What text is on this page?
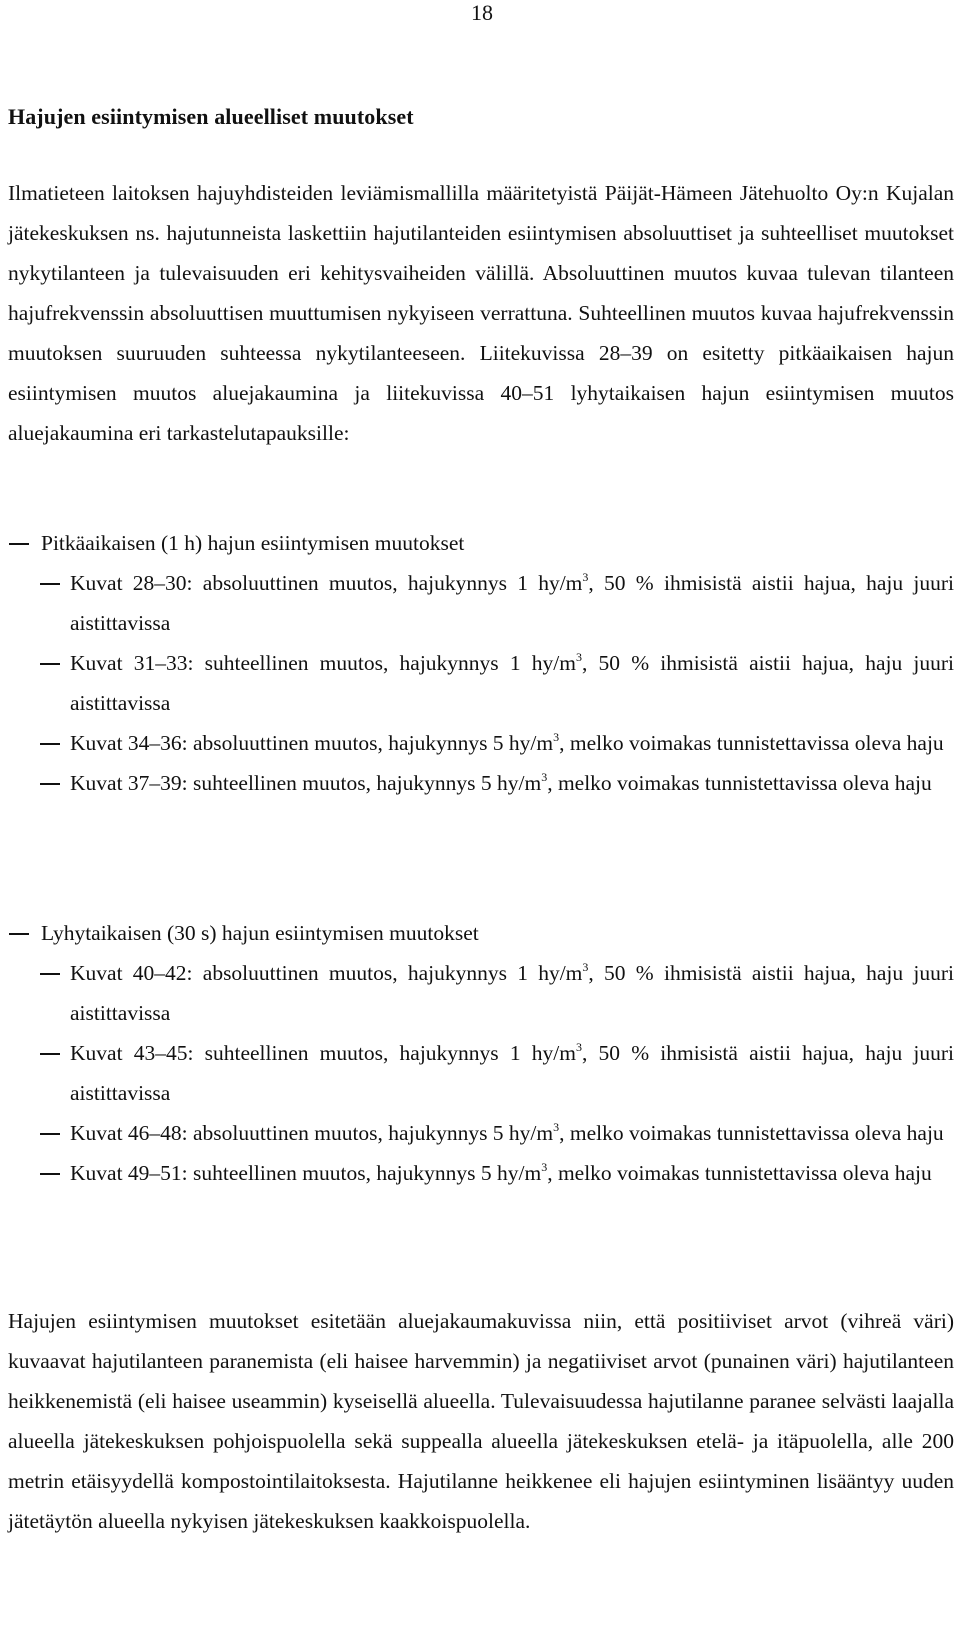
18
Hajujen esiintymisen alueelliset muutokset

Ilmatieteen laitoksen hajuyhdisteiden leviämismallilla määritetyistä Päijät-Hämeen Jätehuolto Oy:n Kujalan jätekeskuksen ns. hajutunneista laskettiin hajutilanteiden esiintymisen absoluuttiset ja suhteelliset muutokset nykytilanteen ja tulevaisuuden eri kehitysvaiheiden välillä. Absoluuttinen muutos kuvaa tulevan tilanteen hajufrekvenssin absoluuttisen muuttumisen nykyiseen verrattuna. Suhteellinen muutos kuvaa hajufrekvenssin muutoksen suuruuden suhteessa nykytilanteeseen. Liitekuvissa 28–39 on esitetty pitkäaikaisen hajun esiintymisen muutos aluejakaumina ja liitekuvissa 40–51 lyhytaikaisen hajun esiintymisen muutos aluejakaumina eri tarkastelutapauksille:

Pitkäaikaisen (1 h) hajun esiintymisen muutokset

Kuvat 28–30: absoluuttinen muutos, hajukynnys 1 $hy/m^3$, 50 % ihmisistä aistii hajua, haju juuri aistittavissa
Kuvat 31–33: suhteellinen muutos, hajukynnys 1 $hy/m^3$, 50 % ihmisistä aistii hajua, haju juuri aistittavissa
Kuvat 34–36: absoluuttinen muutos, hajukynnys 5 $hy/m^3$, melko voimakas tunnistettavissa oleva haju
Kuvat 37–39: suhteellinen muutos, hajukynnys 5 $hy/m^3$, melko voimakas tunnistettavissa oleva haju

Lyhytaikaisen (30 s) hajun esiintymisen muutokset

Kuvat 40–42: absoluuttinen muutos, hajukynnys 1 $hy/m^3$, 50 % ihmisistä aistii hajua, haju juuri aistittavissa
Kuvat 43–45: suhteellinen muutos, hajukynnys 1 $hy/m^3$, 50 % ihmisistä aistii hajua, haju juuri aistittavissa
Kuvat 46–48: absoluuttinen muutos, hajukynnys 5 $hy/m^3$, melko voimakas tunnistettavissa oleva haju
Kuvat 49–51: suhteellinen muutos, hajukynnys 5 $hy/m^3$, melko voimakas tunnistettavissa oleva haju

Hajujen esiintymisen muutokset esitetään aluejakaumakuvissa niin, että positiiviset arvot (vihreä väri) kuvaavat hajutilanteen paranemista (eli haisee harvemmin) ja negatiiviset arvot (punainen väri) hajutilanteen heikkenemistä (eli haisee useammin) kyseisellä alueella. Tulevaisuudessa hajutilanne paranee selvästi laajalla alueella jätekeskuksen pohjoispuolella sekä suppealla alueella jätekeskuksen etelä- ja itäpuolella, alle 200 metrin etäisyydellä kompostointilaitoksesta. Hajutilanne heikkenee eli hajujen esiintyminen lisääntyy uuden jätetäytön alueella nykyisen jätekeskuksen kaakkoispuolella.
